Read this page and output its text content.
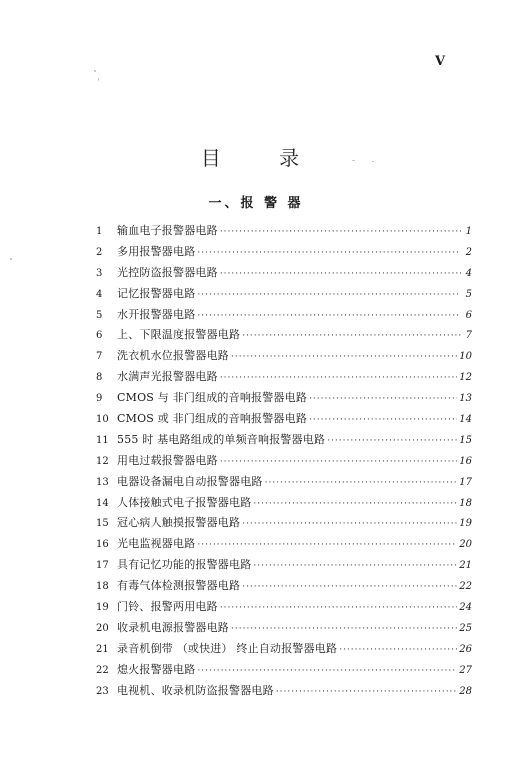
V
目 录
一、报 警 器
1	输血电子报警器电路 ·····	1
2	多用报警器电路 ·····	2
3	光控防盗报警器电路 ·····	4
4	记忆报警器电路 ·····	5
5	水开报警器电路 ·····	6
6	上、下限温度报警器电路 ·····	7
7	洗衣机水位报警器电路 ·····	10
8	水满声光报警器电路 ·····	12
9	CMOS 与 非门组成的音响报警器电路 ·····	13
10 CMOS 或 非门组成的音响报警器电路 ·····	14
11 555 时 基电路组成的单频音响报警器电路 ·····	15
12 用电过载报警器电路 ·····	16
13 电器设备漏电自动报警器电路 ·····	17
14 人体接触式电子报警器电路 ·····	18
15 冠心病人触摸报警器电路 ·····	19
16 光电监视器电路 ·····	20
17 具有记忆功能的报警器电路 ·····	21
18 有毒气体检测报警器电路 ·····	22
19 门铃、报警两用电路 ·····	24
20 收录机电源报警器电路 ·····	25
21 录音机倒带 （或快进） 终止自动报警器电路 ·····	26
22 熄火报警器电路 ·····	27
23 电视机、收录机防盗报警器电路 ·····	28
